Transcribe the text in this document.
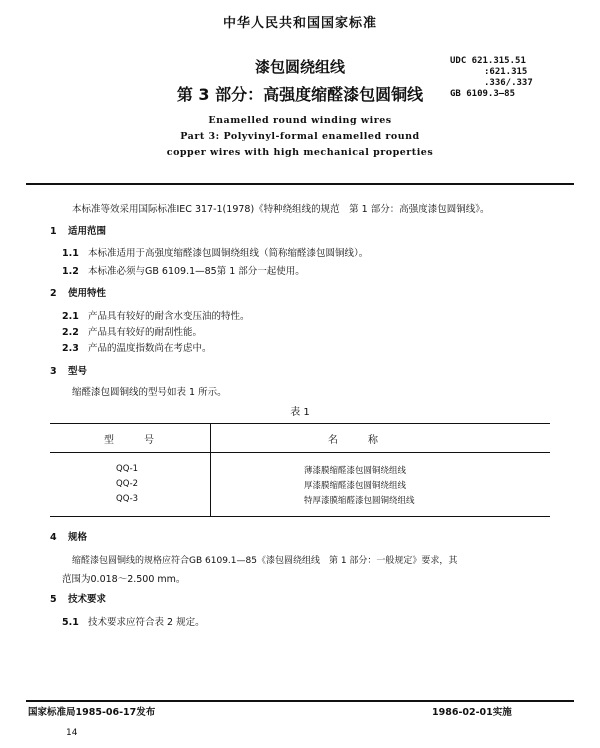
中华人民共和国国家标准
漆包圆绕组线
第 3 部分：高强度缩醛漆包圆铜线
UDC 621.315.51
:621.315
.336/.337
GB 6109.3—85
Enamelled round winding wires
Part 3: Polyvinyl-formal enamelled round
copper wires with high mechanical properties
本标准等效采用国际标准IEC 317-1(1978)《特种绕组线的规范　第 1 部分：高强度漆包圆铜线》。
1 适用范围
1.1 本标准适用于高强度缩醛漆包圆铜绕组线（简称缩醛漆包圆铜线）。
1.2 本标准必须与GB 6109.1—85第 1 部分一起使用。
2 使用特性
2.1 产品具有较好的耐含水变压油的特性。
2.2 产品具有较好的耐刮性能。
2.3 产品的温度指数尚在考虑中。
3 型号
缩醛漆包圆铜线的型号如表 1 所示。
表 1
型号	名称
QQ-1	薄漆膜缩醛漆包圆铜绕组线
QQ-2	厚漆膜缩醛漆包圆铜绕组线
QQ-3	特厚漆膜缩醛漆包圆铜绕组线
4 规格
缩醛漆包圆铜线的规格应符合GB 6109.1—85《漆包圆绕组线　第 1 部分：一般规定》要求，其
范围为0.018～2.500 mm。
5 技术要求
5.1 技术要求应符合表 2 规定。
国家标准局1985-06-17发布	1986-02-01实施
14
